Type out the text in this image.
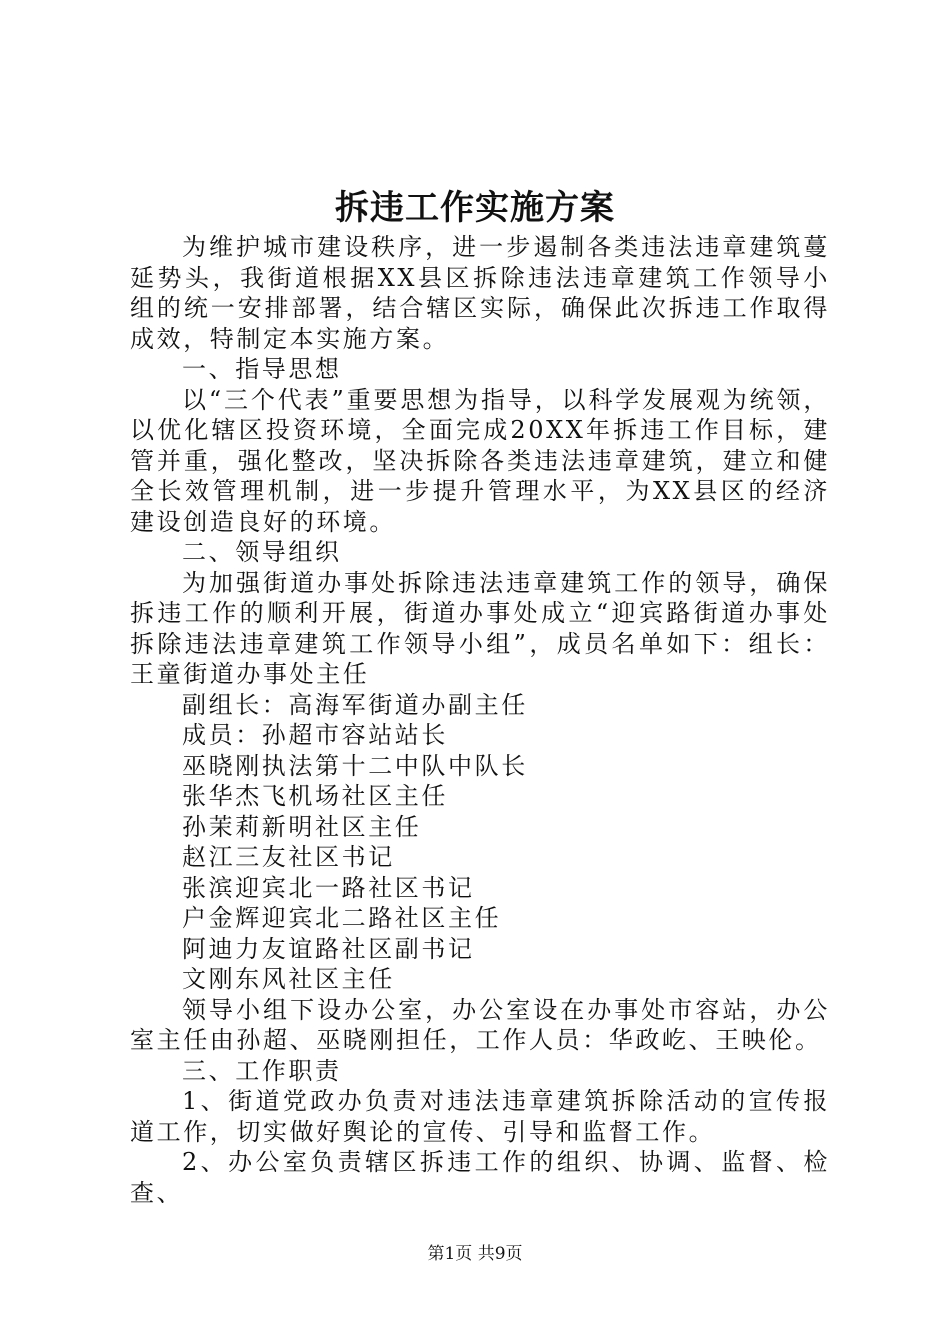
拆违工作实施方案

为维护城市建设秩序，进一步遏制各类违法违章建筑蔓延势头，我街道根据XX县区拆除违法违章建筑工作领导小组的统一安排部署，结合辖区实际，确保此次拆违工作取得成效，特制定本实施方案。

一、指导思想

以“三个代表”重要思想为指导，以科学发展观为统领，以优化辖区投资环境，全面完成20XX年拆违工作目标，建管并重，强化整改，坚决拆除各类违法违章建筑，建立和健全长效管理机制，进一步提升管理水平，为XX县区的经济建设创造良好的环境。

二、领导组织

为加强街道办事处拆除违法违章建筑工作的领导，确保拆违工作的顺利开展，街道办事处成立“迎宾路街道办事处拆除违法违章建筑工作领导小组”，成员名单如下：组长：王童街道办事处主任

副组长：高海军街道办副主任

成员：孙超市容站站长

巫晓刚执法第十二中队中队长

张华杰飞机场社区主任

孙茉莉新明社区主任

赵江三友社区书记

张滨迎宾北一路社区书记

户金辉迎宾北二路社区主任

阿迪力友谊路社区副书记

文刚东风社区主任

领导小组下设办公室，办公室设在办事处市容站，办公室主任由孙超、巫晓刚担任，工作人员：华政屹、王映伦。

三、工作职责

1、街道党政办负责对违法违章建筑拆除活动的宣传报道工作，切实做好舆论的宣传、引导和监督工作。

2、办公室负责辖区拆违工作的组织、协调、监督、检查、

第1页 共9页
